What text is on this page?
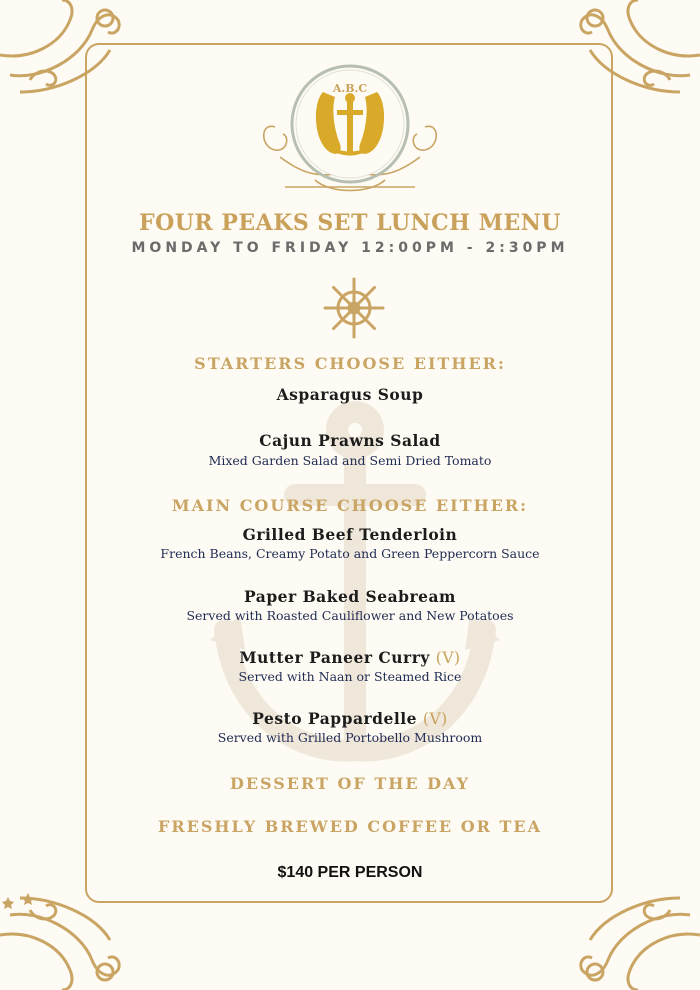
A.B.C
FOUR PEAKS SET LUNCH MENU
MONDAY TO FRIDAY 12:00PM - 2:30PM
STARTERS CHOOSE EITHER:
Asparagus Soup
Cajun Prawns Salad
Mixed Garden Salad and Semi Dried Tomato
MAIN COURSE CHOOSE EITHER:
Grilled Beef Tenderloin
French Beans, Creamy Potato and Green Peppercorn Sauce
Paper Baked Seabream
Served with Roasted Cauliflower and New Potatoes
Mutter Paneer Curry (V)
Served with Naan or Steamed Rice
Pesto Pappardelle (V)
Served with Grilled Portobello Mushroom
DESSERT OF THE DAY
FRESHLY BREWED COFFEE OR TEA
$140 PER PERSON
